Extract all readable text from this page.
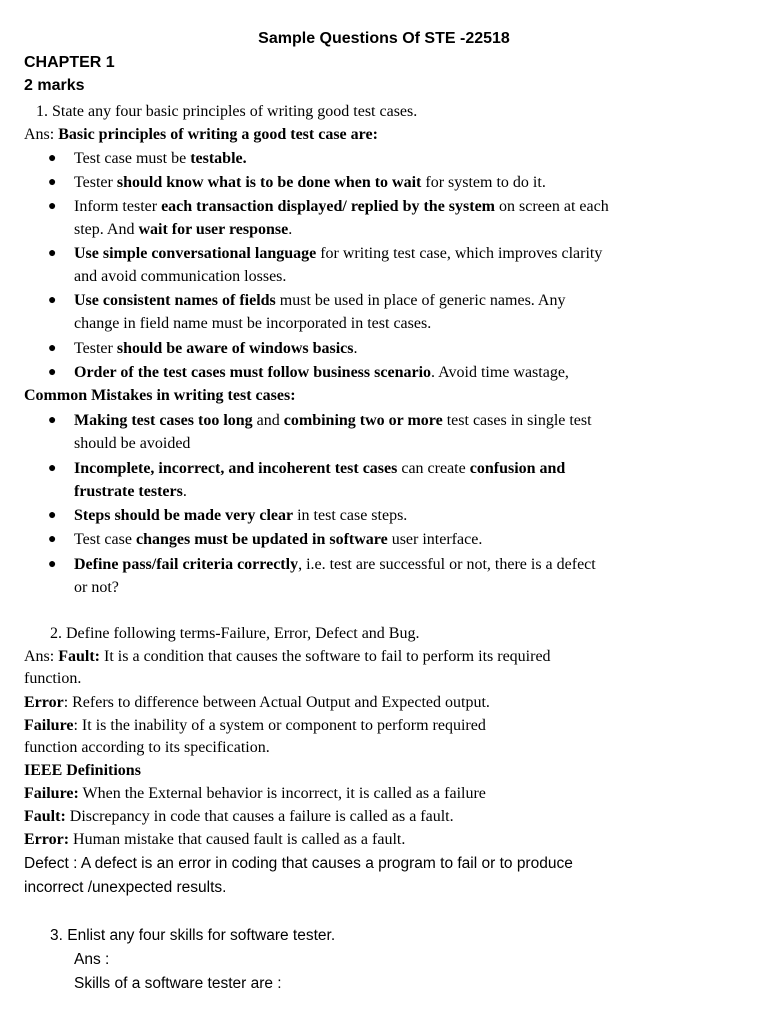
Sample Questions Of STE -22518
CHAPTER 1
2 marks
1. State any four basic principles of writing good test cases.
Ans: Basic principles of writing a good test case are:
● Test case must be testable.
● Tester should know what is to be done when to wait for system to do it.
● Inform tester each transaction displayed/ replied by the system on screen at each
step. And wait for user response.
● Use simple conversational language for writing test case, which improves clarity
and avoid communication losses.
● Use consistent names of fields must be used in place of generic names. Any
change in field name must be incorporated in test cases.
● Tester should be aware of windows basics.
● Order of the test cases must follow business scenario. Avoid time wastage,
Common Mistakes in writing test cases:
● Making test cases too long and combining two or more test cases in single test
should be avoided
● Incomplete, incorrect, and incoherent test cases can create confusion and
frustrate testers.
● Steps should be made very clear in test case steps.
● Test case changes must be updated in software user interface.
● Define pass/fail criteria correctly, i.e. test are successful or not, there is a defect
or not?
2. Define following terms-Failure, Error, Defect and Bug.
Ans: Fault: It is a condition that causes the software to fail to perform its required
function.
Error: Refers to difference between Actual Output and Expected output.
Failure: It is the inability of a system or component to perform required
function according to its specification.
IEEE Definitions
Failure: When the External behavior is incorrect, it is called as a failure
Fault: Discrepancy in code that causes a failure is called as a fault.
Error: Human mistake that caused fault is called as a fault.
Defect : A defect is an error in coding that causes a program to fail or to produce
incorrect /unexpected results.
3. Enlist any four skills for software tester.
Ans :
Skills of a software tester are :
